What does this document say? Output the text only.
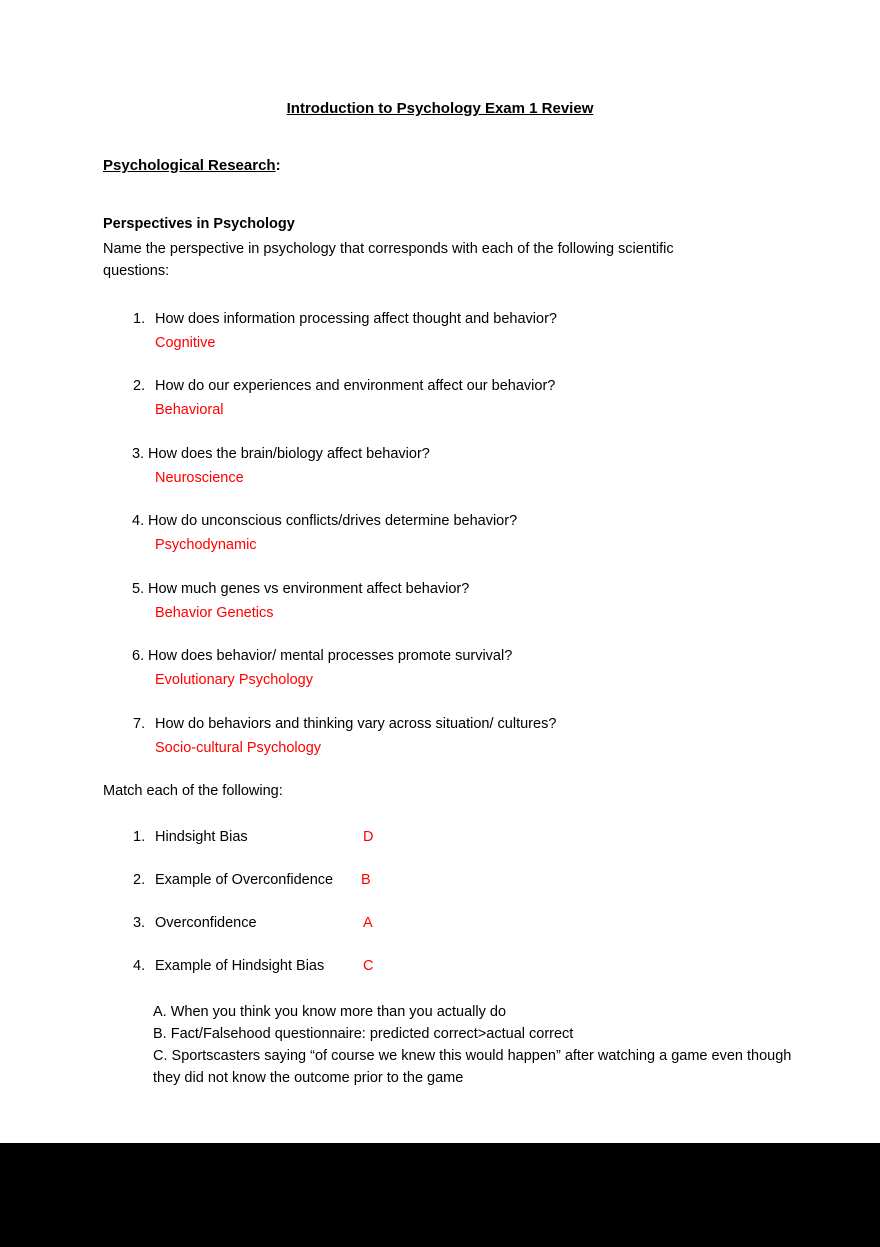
Introduction to Psychology Exam 1 Review
Psychological Research:
Perspectives in Psychology
Name the perspective in psychology that corresponds with each of the following scientific questions:
1. How does information processing affect thought and behavior?
Cognitive
2. How do our experiences and environment affect our behavior?
Behavioral
3. How does the brain/biology affect behavior?
Neuroscience
4. How do unconscious conflicts/drives determine behavior?
Psychodynamic
5. How much genes vs environment affect behavior?
Behavior Genetics
6. How does behavior/ mental processes promote survival?
Evolutionary Psychology
7. How do behaviors and thinking vary across situation/ cultures?
Socio-cultural Psychology
Match each of the following:
1. Hindsight Bias	D
2. Example of Overconfidence B
3. Overconfidence	A
4. Example of Hindsight Bias	C
A. When you think you know more than you actually do
B. Fact/Falsehood questionnaire: predicted correct>actual correct
C. Sportscasters saying “of course we knew this would happen” after watching a game even though they did not know the outcome prior to the game
